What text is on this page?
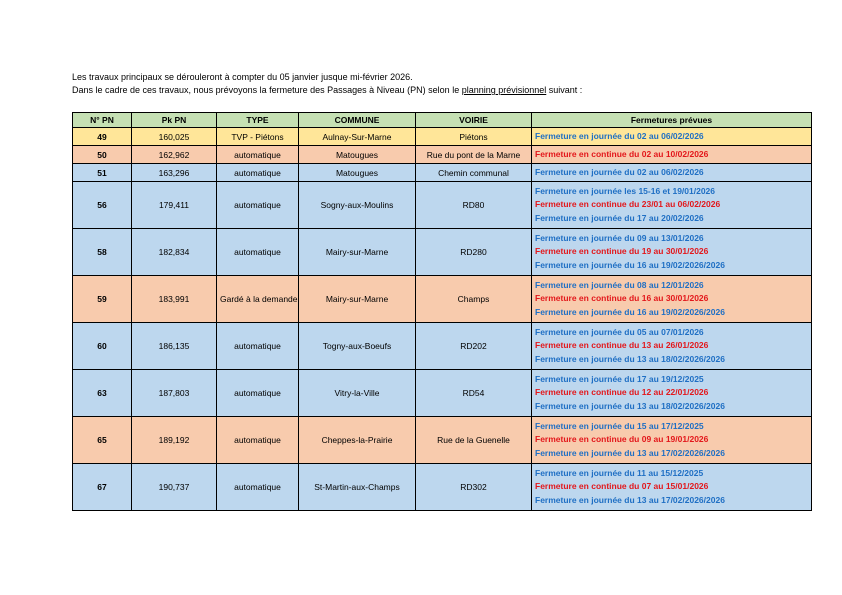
Les travaux principaux se dérouleront à compter du 05 janvier jusque mi-février 2026.
Dans le cadre de ces travaux, nous prévoyons la fermeture des Passages à Niveau (PN) selon le planning prévisionnel suivant :
N° PN	Pk PN	TYPE	COMMUNE	VOIRIE	Fermetures prévues
49	160,025	TVP - Piétons	Aulnay-Sur-Marne	Piétons	Fermeture en journée du 02 au 06/02/2026

50	162,962	automatique	Matougues	Rue du pont de la Marne	Fermeture en continue du 02 au 10/02/2026

51	163,296	automatique	Matougues	Chemin communal	Fermeture en journée du 02 au 06/02/2026

56	179,411	automatique	Sogny-aux-Moulins	RD80	Fermeture en journée les 15-16 et 19/01/2026
Fermeture en continue du 23/01 au 06/02/2026
Fermeture en journée du 17 au 20/02/2026

58	182,834	automatique	Mairy-sur-Marne	RD280	Fermeture en journée du 09 au 13/01/2026
Fermeture en continue du 19 au 30/01/2026
Fermeture en journée du 16 au 19/02/2026/2026

59	183,991	Gardé à la demande	Mairy-sur-Marne	Champs	Fermeture en journée du 08 au 12/01/2026
Fermeture en continue du 16 au 30/01/2026
Fermeture en journée du 16 au 19/02/2026/2026

60	186,135	automatique	Togny-aux-Boeufs	RD202	Fermeture en journée du 05 au 07/01/2026
Fermeture en continue du 13 au 26/01/2026
Fermeture en journée du 13 au 18/02/2026/2026

63	187,803	automatique	Vitry-la-Ville	RD54	Fermeture en journée du 17 au 19/12/2025
Fermeture en continue du 12 au 22/01/2026
Fermeture en journée du 13 au 18/02/2026/2026

65	189,192	automatique	Cheppes-la-Prairie	Rue de la Guenelle	Fermeture en journée du 15 au 17/12/2025
Fermeture en continue du 09 au 19/01/2026
Fermeture en journée du 13 au 17/02/2026/2026

67	190,737	automatique	St-Martin-aux-Champs	RD302	Fermeture en journée du 11 au 15/12/2025
Fermeture en continue du 07 au 15/01/2026
Fermeture en journée du 13 au 17/02/2026/2026
